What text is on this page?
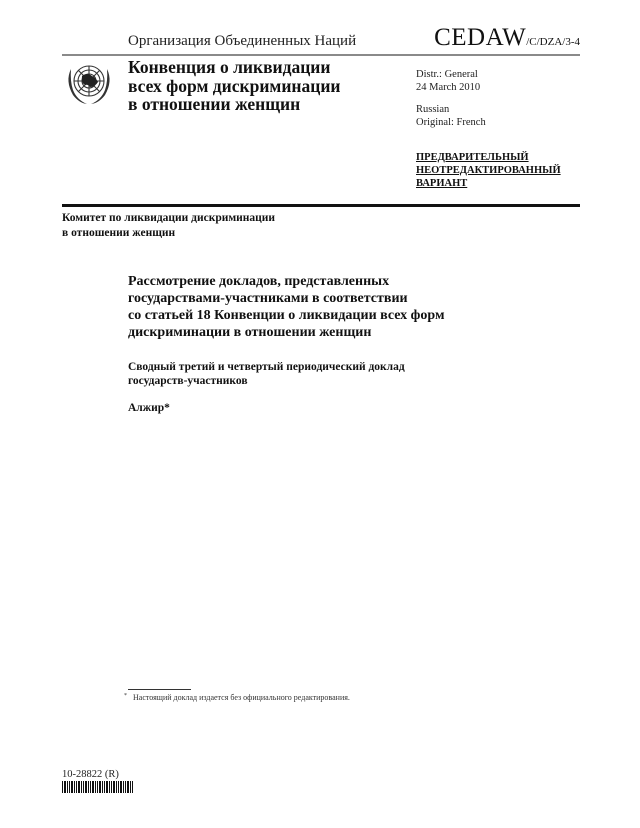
Организация Объединенных Наций	CEDAW/C/DZA/3-4
Конвенция о ликвидации
всех форм дискриминации
в отношении женщин
Distr.: General
24 March 2010
Russian
Original: French
ПРЕДВАРИТЕЛЬНЫЙ
НЕОТРЕДАКТИРОВАННЫЙ
ВАРИАНТ
Комитет по ликвидации дискриминации
в отношении женщин
Рассмотрение докладов, представленных
государствами-участниками в соответствии
со статьей 18 Конвенции о ликвидации всех форм
дискриминации в отношении женщин
Сводный третий и четвертый периодический доклад
государств-участников
Алжир*
* Настоящий доклад издается без официального редактирования.
10-28822 (R)
